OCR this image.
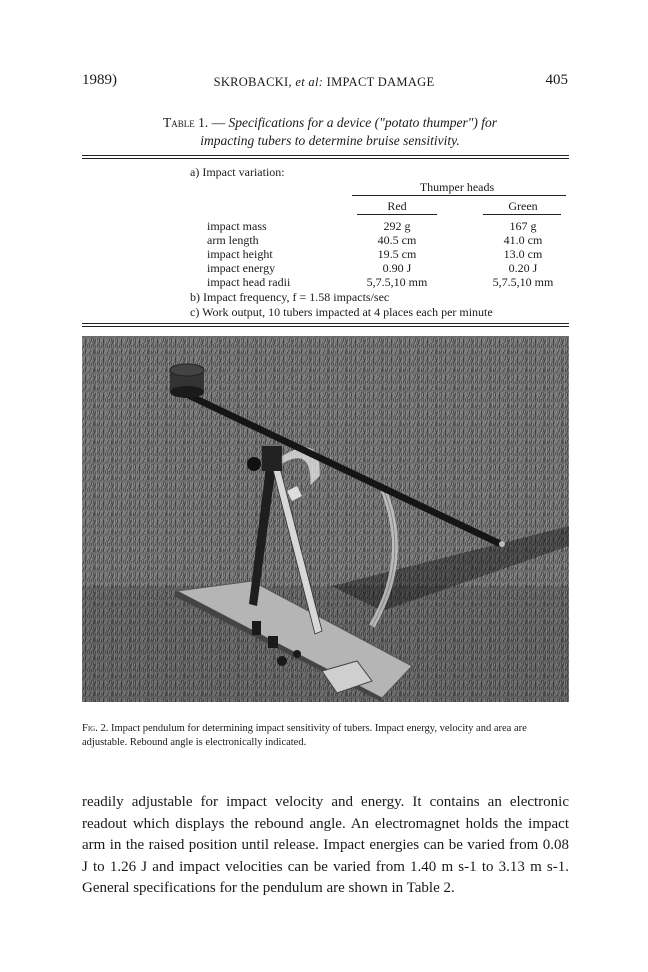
1989)	SKROBACKI, et al: IMPACT DAMAGE	405
Table 1. — Specifications for a device ("potato thumper") for
impacting tubers to determine bruise sensitivity.
a) Impact variation:
Thumper heads
Red	Green
impact mass	292 g	167 g
arm length	40.5 cm	41.0 cm
impact height	19.5 cm	13.0 cm
impact energy	0.90 J	0.20 J
impact head radii	5,7.5,10 mm	5,7.5,10 mm
b) Impact frequency, f = 1.58 impacts/sec
c) Work output, 10 tubers impacted at 4 places each per minute
Fig. 2. Impact pendulum for determining impact sensitivity of tubers. Impact energy, velocity and area are adjustable. Rebound angle is electronically indicated.
readily adjustable for impact velocity and energy. It contains an electronic readout which displays the rebound angle. An electromagnet holds the impact arm in the raised position until release. Impact energies can be varied from 0.08 J to 1.26 J and impact velocities can be varied from 1.40 m s-1 to 3.13 m s-1. General specifications for the pendulum are shown in Table 2.
